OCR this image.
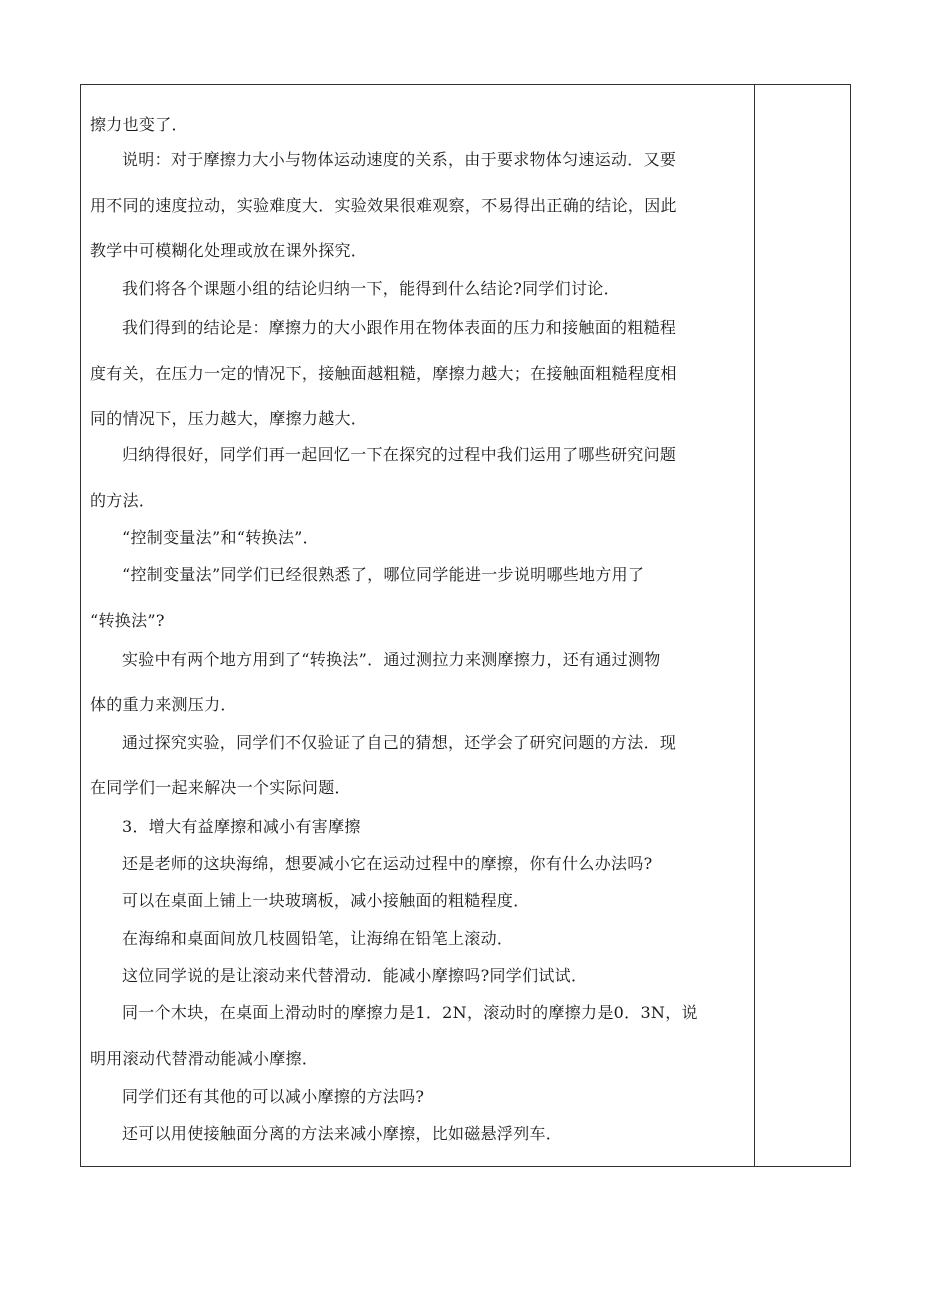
擦力也变了．

说明：对于摩擦力大小与物体运动速度的关系，由于要求物体匀速运动．又要

用不同的速度拉动，实验难度大．实验效果很难观察，不易得出正确的结论，因此

教学中可模糊化处理或放在课外探究．

我们将各个课题小组的结论归纳一下，能得到什么结论?同学们讨论．

我们得到的结论是：摩擦力的大小跟作用在物体表面的压力和接触面的粗糙程

度有关，在压力一定的情况下，接触面越粗糙，摩擦力越大；在接触面粗糙程度相

同的情况下，压力越大，摩擦力越大．

归纳得很好，同学们再一起回忆一下在探究的过程中我们运用了哪些研究问题

的方法．

“控制变量法”和“转换法”．

“控制变量法”同学们已经很熟悉了，哪位同学能进一步说明哪些地方用了

“转换法”?

实验中有两个地方用到了“转换法”．通过测拉力来测摩擦力，还有通过测物

体的重力来测压力．

通过探究实验，同学们不仅验证了自己的猜想，还学会了研究问题的方法．现

在同学们一起来解决一个实际问题．

3．增大有益摩擦和减小有害摩擦

还是老师的这块海绵，想要减小它在运动过程中的摩擦，你有什么办法吗?

可以在桌面上铺上一块玻璃板，减小接触面的粗糙程度．

在海绵和桌面间放几枝圆铅笔，让海绵在铅笔上滚动．

这位同学说的是让滚动来代替滑动．能减小摩擦吗?同学们试试．

同一个木块，在桌面上滑动时的摩擦力是1．2N，滚动时的摩擦力是0．3N，说

明用滚动代替滑动能减小摩擦．

同学们还有其他的可以减小摩擦的方法吗?

还可以用使接触面分离的方法来减小摩擦，比如磁悬浮列车．
